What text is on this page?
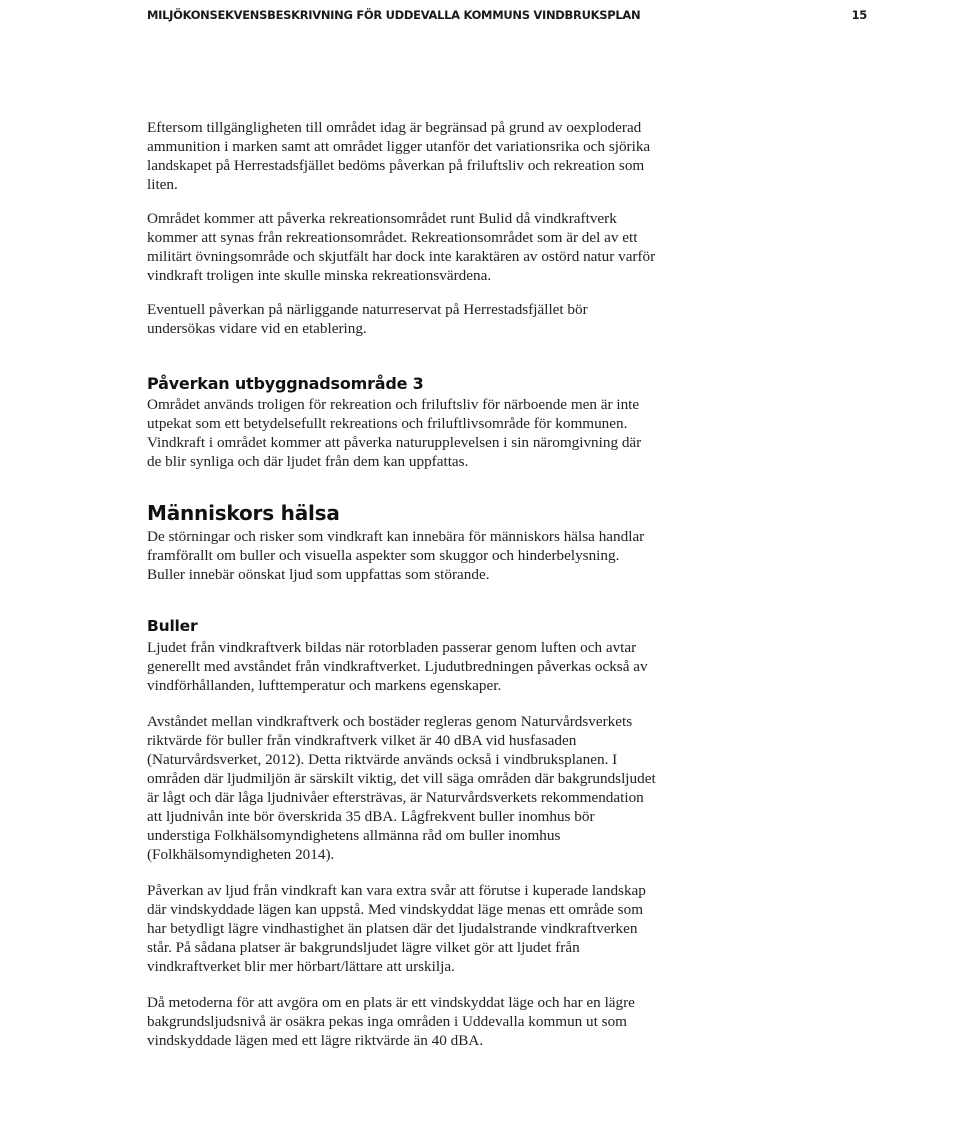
MILJÖKONSEKVENSBESKRIVNING FÖR UDDEVALLA KOMMUNS VINDBRUKSPLAN	15

Eftersom tillgängligheten till området idag är begränsad på grund av oexploderad ammunition i marken samt att området ligger utanför det variationsrika och sjörika landskapet på Herrestadsfjället bedöms påverkan på friluftsliv och rekreation som liten.

Området kommer att påverka rekreationsområdet runt Bulid då vindkraftverk kommer att synas från rekreationsområdet. Rekreationsområdet som är del av ett militärt övningsområde och skjutfält har dock inte karaktären av ostörd natur varför vindkraft troligen inte skulle minska rekreationsvärdena.

Eventuell påverkan på närliggande naturreservat på Herrestadsfjället bör undersökas vidare vid en etablering.

Påverkan utbyggnadsområde 3

Området används troligen för rekreation och friluftsliv för närboende men är inte utpekat som ett betydelsefullt rekreations och friluftlivsområde för kommunen. Vindkraft i området kommer att påverka naturupplevelsen i sin näromgivning där de blir synliga och där ljudet från dem kan uppfattas.

Människors hälsa

De störningar och risker som vindkraft kan innebära för människors hälsa handlar framförallt om buller och visuella aspekter som skuggor och hinderbelysning. Buller innebär oönskat ljud som uppfattas som störande.

Buller

Ljudet från vindkraftverk bildas när rotorbladen passerar genom luften och avtar generellt med avståndet från vindkraftverket. Ljudutbredningen påverkas också av vindförhållanden, lufttemperatur och markens egenskaper.

Avståndet mellan vindkraftverk och bostäder regleras genom Naturvårdsverkets riktvärde för buller från vindkraftverk vilket är 40 dBA vid husfasaden (Naturvårdsverket, 2012). Detta riktvärde används också i vindbruksplanen. I områden där ljudmiljön är särskilt viktig, det vill säga områden där bakgrundsljudet är lågt och där låga ljudnivåer eftersträvas, är Naturvårdsverkets rekommendation att ljudnivån inte bör överskrida 35 dBA. Lågfrekvent buller inomhus bör understiga Folkhälsomyndighetens allmänna råd om buller inomhus (Folkhälsomyndigheten 2014).

Påverkan av ljud från vindkraft kan vara extra svår att förutse i kuperade landskap där vindskyddade lägen kan uppstå. Med vindskyddat läge menas ett område som har betydligt lägre vindhastighet än platsen där det ljudalstrande vindkraftverken står. På sådana platser är bakgrundsljudet lägre vilket gör att ljudet från vindkraftverket blir mer hörbart/lättare att urskilja.

Då metoderna för att avgöra om en plats är ett vindskyddat läge och har en lägre bakgrundsljudsnivå är osäkra pekas inga områden i Uddevalla kommun ut som vindskyddade lägen med ett lägre riktvärde än 40 dBA.
